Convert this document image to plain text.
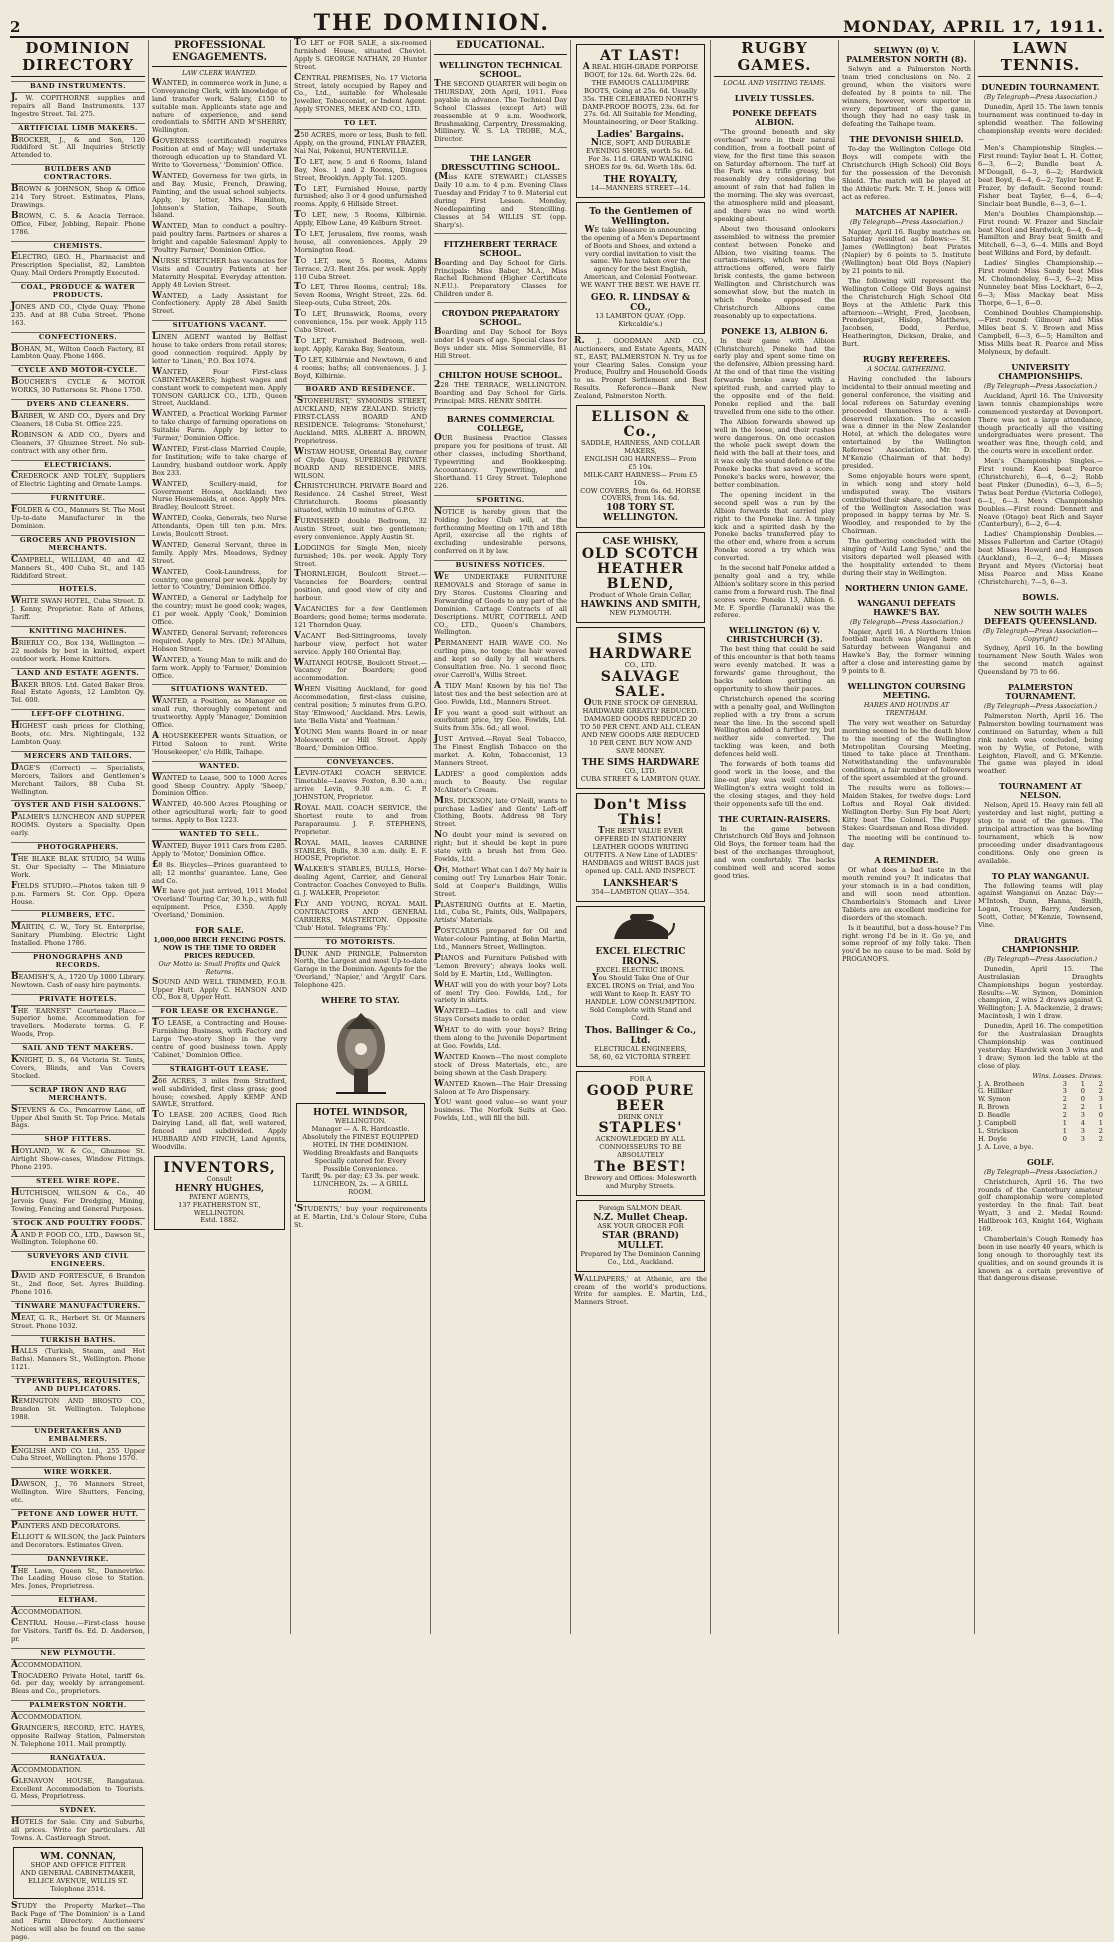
2	THE DOMINION.	MONDAY, APRIL 17, 1911.
DOMINION DIRECTORY
BAND INSTRUMENTS.
J. W. COPITHORNE supplies and repairs all Band Instruments. 137 Ingestre Street. Tel. 275.
ARTIFICIAL LIMB MAKERS.
BROCKER, J., & and Son, 120 Riddiford St. All Inquiries Strictly Attended to.
BUILDERS AND CONTRACTORS.
BROWN & JOHNSON, Shop & Office 214 Tory Street. Estimates, Plans, Drawings.
BROWN, C. S. & Acacia Terrace. Office, Fiber, Jobbing, Repair. Phone 1786.
CHEMISTS.
ELECTRO, GEO. H., Pharmacist and Prescription Specialist, 82, Lambton Quay. Mail Orders Promptly Executed.
COAL, PRODUCE & WATER PRODUCTS.
JONES AND CO., Clyde Quay. 'Phone 235. And at 88 Cuba Street. 'Phone 163.
CONFECTIONERS.
BOHAN, M., Wilton Coach Factory, 81 Lambton Quay. Phone 1466.
CYCLE AND MOTOR-CYCLE.
BOUCHER'S CYCLE & MOTOR WORKS, 30 Pattersons St. Phone 1750.
DYERS AND CLEANERS.
BARBER, W. AND CO., Dyers and Dry Cleaners, 18 Cuba St. Office 225.
ROBINSON & ADD CO., Dyers and Cleaners, 37 Ghuznee Street. No sub-contract with any other firm.
ELECTRICIANS.
CREDEROCK AND TOLEY, Suppliers of Electric Lighting and Ornate Lamps.
FURNITURE.
FOLDER & CO., Manners St. The Most Up-to-date Manufacturer in the Dominion.
GROCERS AND PROVISION MERCHANTS.
CAMPBELL, WILLIAM, 40 and 42 Manners St., 400 Cuba St., and 145 Riddiford Street.
HOTELS.
WHITE SWAN HOTEL, Cuba Street. D. J. Kenny, Proprietor. Rate of Athens, Tariff.
KNITTING MACHINES.
BRIERLY CO., Box 134, Wellington — 22 models by best in knitted, expert outdoor work. Home Knitters.
LAND AND ESTATE AGENTS.
BAKER BROS. Ltd. Gated Baker Bros. Real Estate Agents, 12 Lambton Qy. Tel. 600.
LEFT-OFF CLOTHING.
HIGHEST cash prices for Clothing, Boots, etc. Mrs. Nightingale, 132 Lambton Quay.
MERCERS AND TAILORS.
DAGE'S (Correct) — Specialists, Mercers, Tailors and Gentlemen's Merchant Tailors, 88 Cuba St. Wellington.
OYSTER AND FISH SALOONS.
PALMER'S LUNCHEON AND SUPPER ROOMS. Oysters a Specialty. Open early.
PHOTOGRAPHERS.
THE BLAKE BLAK STUDIO, 54 Willis St. Our Specialty — The Miniature Work.
FIELDS STUDIO.—Photos taken till 9 p.m. Farmers St. Cor. Opp. Opera House.
PLUMBERS, ETC.
MARTIN, C. W., Tory St. Enterprise, Sanitary Plumbing. Electric Light Installed. Phone 1786.
PHONOGRAPHS AND RECORDS.
BEAMISH'S, A., 1720 Up 1000 Library. Newtown. Cash of easy hire payments.
PRIVATE HOTELS.
THE 'EARNEST' Courtenay Place.— Superior home. Accommodation for travellers. Moderate terms. G. F. Woods, Prop.
SAIL AND TENT MAKERS.
KNIGHT, D. S., 64 Victoria St. Tents, Covers, Blinds, and Van Covers Stocked.
SCRAP IRON AND RAG MERCHANTS.
STEVENS & Co., Pencarrow Lane, off Upper Abel Smith St. Top Price. Metals Bags.
SHOP FITTERS.
HOYLAND, W. & Co., Ghuznee St. Airtight Show-cases, Window Fittings. Phone 2195.
STEEL WIRE ROPE.
HUTCHISON, WILSON & Co., 40 Jervois Quay. For Dredging, Mining, Towing, Fencing and General Purposes.
STOCK AND POULTRY FOODS.
A AND P. FOOD CO., LTD., Dawson St., Wellington. Telephone 60.
SURVEYORS AND CIVIL ENGINEERS.
DAVID AND FORTESCUE, 6 Brandon St., 2nd floor, Set. Ayres Building. Phone 1016.
TINWARE MANUFACTURERS.
MEAT, G. R., Herbert St. Of Manners Street. Phone 1032.
TURKISH BATHS.
HALLS (Turkish, Steam, and Hot Baths). Manners St., Wellington. Phone 1121.
TYPEWRITERS, REQUISITES, AND DUPLICATORS.
REMINGTON AND BROSTO CO., Brandon St. Wellington. Telephone 1988.
UNDERTAKERS AND EMBALMERS.
ENGLISH AND CO. Ltd., 255 Upper Cuba Street, Wellington. Phone 1570.
WIRE WORKER.
DAWSON, J., 76 Manners Street, Wellington. Wire Shutters, Fencing, etc.
PETONE AND LOWER HUTT.
PAINTERS AND DECORATORS.
ELLIOTT & WILSON, the Jack Painters and Decorators. Estimates Given.
DANNEVIRKE.
THE Lawn, Queen St., Dannevirke. The Leading House close to Station. Mrs. Jones, Proprietress.
ELTHAM.
ACCOMMODATION.
CENTRAL House.—First-class house for Visitors. Tariff 6s. Ed. D. Anderson, pr.
NEW PLYMOUTH.
ACCOMMODATION.
TROCADERO Private Hotel, tariff 6s. 6d. per day, weekly by arrangement. Bleas and Co., proprietors.
PALMERSTON NORTH.
ACCOMMODATION.
GRAINGER'S, RECORD, ETC. HAYES, opposite Railway Station, Palmerston N. Telephone 1011. Mail promptly.
RANGATAUA.
ACCOMMODATION.
GLENAVON HOUSE, Rangataua. Excellent Accommodation to Tourists. G. Mess, Proprietress.
SYDNEY.
HOTELS for Sale. City and Suburbs, all prices. Write for particulars. All Towns. A. Castlereagh Street.
WM. CONNAN,
SHOP AND OFFICE FITTER
AND GENERAL CABINETMAKER,
ELLICE AVENUE, WILLIS ST.
Telephone 2514.
STUDY the Property Market—The Back Page of 'The Dominion' is a Land and Farm Directory. Auctioneers' Notices will also be found on the same page.
PROFESSIONAL ENGAGEMENTS.
LAW CLERK WANTED.
WANTED, in commerce work in June, a Conveyancing Clerk, with knowledge of land transfer work. Salary, £150 to suitable man. Applicants state age and nature of experience, and send credentials to SMITH AND M'SHERRY, Wellington.
GOVERNESS (certificated) requires Position at end of May; will undertake thorough education up to Standard VI. Write to 'Governess,' 'Dominion' Office.
WANTED, Governess for two girls, in and Bay. Music, French, Drawing, Painting, and the usual school subjects. Apply, by letter, Mrs. Hamilton, Johnson's Station, Taihape, South Island.
WANTED, Man to conduct a poultry-paid poultry farm. Partners or shares a bright and capable Salesman! Apply to 'Poultry Farmer,' Dominion Office.
NURSE STRETCHER has vacancies for Visits and Country Patients at her Maternity Hospital. Everyday attention. Apply 48 Levien Street.
WANTED, a Lady Assistant for Confectionery. Apply 28 Abel Smith Street.
SITUATIONS VACANT.
LINEN AGENT wanted by Belfast house to take orders from retail stores; good connection required. Apply by letter to 'Linen,' P.O. Box 1074.
WANTED, Four First-class CABINETMAKERS; highest wages and constant work to competent men. Apply TONSON GARLICK CO., LTD., Queen Street, Auckland.
WANTED, a Practical Working Farmer to take charge of farming operations on Suitable Farm. Apply by letter to 'Farmer,' Dominion Office.
WANTED, First-class Married Couple, for Institution; wife to take charge of Laundry, husband outdoor work. Apply Box 233.
WANTED, Scullery-maid, for Government House, Auckland; two Nurse Housemaids, at once. Apply Mrs. Bradley, Boulcott Street.
WANTED, Cooks, Generals, two Nurse Attendants, Open till ten p.m. Mrs. Lewis, Boulcott Street.
WANTED, General Servant, three in family. Apply Mrs. Meadows, Sydney Street.
WANTED, Cook-Laundress, for country, one general per week. Apply by letter to 'Country,' Dominion Office.
WANTED, a General or Ladyhelp for the country; must be good cook; wages, £1 per week. Apply 'Cook,' Dominion Office.
WANTED, General Servant; references required. Apply to Mrs. (Dr.) M'Allum, Hobson Street.
WANTED, a Young Man to milk and do farm work. Apply to 'Farmer,' Dominion Office.
SITUATIONS WANTED.
WANTED, a Position, as Manager on small run, thoroughly competent and trustworthy. Apply 'Manager,' Dominion Office.
A HOUSEKEEPER wants Situation, or Fitted Saloon to rent. Write 'Housekeeper,' c/o Hdlk, Taihape.
WANTED.
WANTED to Lease, 500 to 1000 Acres good Sheep Country. Apply 'Sheep,' Dominion Office.
WANTED, 40-500 Acres Ploughing or other agricultural work; fair to good terms. Apply to Box 1223.
WANTED TO SELL.
WANTED, Buyer 1911 Cars from £285. Apply to 'Motor,' Dominion Office.
£8 8s. Bicycles—Prices guaranteed to all; 12 months' guarantee. Lane, Gee and Co.
WE have got just arrived, 1911 Model 'Overland' Touring Car, 30 h.p., with full equipment. Price, £350. Apply 'Overland,' Dominion.
FOR SALE.
1,000,000 BIRCH FENCING POSTS.
NOW IS THE TIME TO ORDER
PRICES REDUCED.
Our Motto is: Small Profits and Quick Returns.
SOUND AND WELL TRIMMED, F.O.B. Upper Hutt. Apply C. HANSON AND CO., Box 8, Upper Hutt.
FOR LEASE OR EXCHANGE.
TO LEASE, a Contracting and House-Furnishing Business, with Factory and Large Two-story Shop in the very centre of good business town. Apply 'Cabinet,' Dominion Office.
STRAIGHT-OUT LEASE.
266 ACRES, 3 miles from Stratford, well subdivided, first class grass; good house; cowshed. Apply KEMP AND SAWLE, Stratford.
TO LEASE. 200 ACRES, Good Rich Dairying Land, all flat, well watered, fenced and subdivided. Apply HUBBARD AND FINCH, Land Agents, Woodville.
INVENTORS,
Consult
HENRY HUGHES,
PATENT AGENTS,
137 FEATHERSTON ST., WELLINGTON.
Estd. 1882.
TO LET or FOR SALE, a six-roomed furnished House, situated Cheviot. Apply S. GEORGE NATHAN, 20 Hunter Street.
CENTRAL PREMISES, No. 17 Victoria Street, lately occupied by Rapey and Co., Ltd., suitable for Wholesale Jeweller, Tobacconist, or Indent Agent. Apply STONES, MEEK AND CO., LTD.
TO LET.
250 ACRES, more or less, Bush to fell. Apply, on the ground, FINLAY FRAZER, Nai Nai, Pokenui, HUNTERVILLE.
TO LET, new, 5 and 6 Rooms, Island Bay, Nos. 1 and 2 Rooms, Dingoes Street, Brooklyn. Apply Tel. 1205.
TO LET, Furnished House, partly furnished; also 3 or 4 good unfurnished rooms. Apply, 6 Hillside Street.
TO LET, new, 5 Rooms, Kilbirnie. Apply, Elbow Lane, 49 Kelburn Street.
TO LET, Jerusalem, five rooms, wash house, all conveniences. Apply 29 Mornington Road.
TO LET, new, 5 Rooms, Adams Terrace. 2/3. Rent 26s. per week. Apply 110 Cuba Street.
TO LET, Three Rooms, central; 18s. Seven Rooms, Wright Street, 22s. 6d. Sleep-outs, Cuba Street, 20s.
TO LET, Brunswick, Rooms, every convenience, 15s. per week. Apply 115 Cuba Street.
TO LET, Furnished Bedroom, well-kept. Apply, Karaka Bay, Seatoun.
TO LET, Kilbirnie and Newtown, 6 and 4 rooms; baths; all conveniences. J. J. Boyd, Kilbirnie.
BOARD AND RESIDENCE.
'STONEHURST,' SYMONDS STREET, AUCKLAND, NEW ZEALAND. Strictly FIRST-CLASS BOARD AND RESIDENCE. Telegrams: 'Stonehurst,' Auckland. MRS. ALBERT A. BROWN, Proprietress.
WISTAW HOUSE, Oriental Bay, corner of Clyde Quay. SUPERIOR PRIVATE BOARD AND RESIDENCE. MRS. WILSON.
CHRISTCHURCH. PRIVATE Board and Residence. 24 Cashel Street, West Christchurch. Rooms pleasantly situated, within 10 minutes of G.P.O.
FURNISHED double Bedroom, 32 Austin Street, suit two gentlemen; every convenience. Apply Austin St.
LODGINGS for Single Men, nicely furnished; 10s. per week. Apply Tory Street.
THORNLEIGH, Boulcott Street.—Vacancies for Boarders; central position, and good view of city and harbour.
VACANCIES for a few Gentlemen Boarders; good home; terms moderate. 121 Thorndon Quay.
VACANT Bed-Sittingrooms, lovely harbour view, perfect hot water service. Apply 160 Oriental Bay.
WAITANGI HOUSE, Boulcott Street.—Vacancy for Boarders; good accommodation.
WHEN Visiting Auckland, for good Accommodation, first-class cuisine, central position; 5 minutes from G.P.O. Stay 'Elmwood,' Auckland. Mrs. Lewis, late 'Bella Vista' and 'Yeatman.'
YOUNG Men wants Board in or near Molesworth or Hill Street. Apply 'Board,' Dominion Office.
CONVEYANCES.
LEVIN-OTAKI COACH SERVICE. Timetable—Leaves Foxton, 8.30 a.m.; arrive Levin, 9.30 a.m. C. P. JOHNSTON, Proprietor.
ROYAL MAIL COACH SERVICE, the Shortest route to and from Paraparaumu. J. F. STEPHENS, Proprietor.
ROYAL MAIL, leaves CARBINE STABLES, Bulls, 8.30 a.m. daily. E. F. HOOSE, Proprietor.
WALKER'S STABLES, BULLS, Horse-dealing Agent, Carrier, and General Contractor. Coaches Conveyed to Bulls. G. J. WALKER, Proprietor.
FLY AND YOUNG, ROYAL MAIL CONTRACTORS AND GENERAL CARRIERS, MASTERTON. Opposite 'Club' Hotel. Telegrams 'Fly.'
TO MOTORISTS.
DUNK AND PRINGLE, Palmerston North, the Largest and most Up-to-date Garage in the Dominion. Agents for the 'Overland,' 'Napier,' and 'Argyll' Cars. Telephone 425.
WHERE TO STAY.
HOTEL WINDSOR,
WELLINGTON.
Manager — A. R. Hardcastle.
Absolutely the FINEST EQUIPPED HOTEL IN THE DOMINION.
Wedding Breakfasts and Banquets Specially catered for. Every Possible Convenience.
Tariff, 9s. per day; £3 3s. per week.
LUNCHEON, 2s. — A GRILL ROOM.
'STUDENTS,' buy your requirements at E. Martin, Ltd.'s Colour Store, Cuba St.
EDUCATIONAL.
WELLINGTON TECHNICAL SCHOOL.
THE SECOND QUARTER will begin on THURSDAY, 20th April, 1911. Fees payable in advance. The Technical Day School Classes (except Art) will reassemble at 9 a.m. Woodwork, Brushmaking, Carpentry, Dressmaking, Millinery. W. S. LA TROBE, M.A., Director.
THE LANGER DRESSCUTTING SCHOOL.
(Miss KATE STEWART.) CLASSES Daily 10 a.m. to 4 p.m. Evening Class Tuesday and Friday 7 to 9. Material cut during First Lesson. Monday, Needlepainting and Stencilling. Classes at 54 WILLIS ST. (opp. Sharp's).
FITZHERBERT TERRACE SCHOOL.
Boarding and Day School for Girls. Principals: Miss Baber, M.A., Miss Rachel Richmond (Higher Certificate N.F.U.). Preparatory Classes for Children under 8.
CROYDON PREPARATORY SCHOOL.
Boarding and Day School for Boys under 14 years of age. Special class for Boys under six. Miss Sommerville, 81 Hill Street.
CHILTON HOUSE SCHOOL.
228 THE TERRACE, WELLINGTON. Boarding and Day School for Girls. Principal: MRS. HENRY SMITH.
BARNES COMMERCIAL COLLEGE,
OUR Business Practice Classes prepare you for positions of trust. All other classes, including Shorthand, Typewriting and Bookkeeping. Accountancy. Typewriting, and Shorthand. 11 Grey Street. Telephone 226.
SPORTING.
NOTICE is hereby given that the Polding Jockey Club will, at the forthcoming Meeting on 17th and 18th April, exercise all the rights of excluding undesirable persons, conferred on it by law.
BUSINESS NOTICES.
WE UNDERTAKE FURNITURE REMOVALS and Storage of same in Dry Stores. Customs Clearing and Forwarding of Goods to any part of the Dominion. Cartage Contracts of all Descriptions. MURT, COTTRELL AND CO., LTD., Queen's Chambers, Wellington.
PERMANENT HAIR WAVE CO. No curling pins, no tongs; the hair waved and kept so daily by all weathers. Consultation free. No. 1 second floor, over Carroll's, Willis Street.
A TIDY Man! Known by his tie! The latest ties and the best selection are at Geo. Fowlds, Ltd., Manners Street.
IF you want a good suit without an exorbitant price, try Geo. Fowlds, Ltd. Suits from 35s. 6d.; all wool.
JUST Arrived.—Royal Seal Tobacco, The Finest English Tobacco on the market. A. Kohn, Tobacconist, 13 Manners Street.
LADIES' a good complexion adds much to Beauty. Use regular McAlister's Cream.
MRS. DICKSON, late O'Neill, wants to purchase Ladies' and Gents' Left-off Clothing, Boots. Address 98 Tory Street.
NO doubt your mind is severed on right; but it should be kept in pure state with a brush hat from Geo. Fowlds, Ltd.
OH, Mother! What can I do? My hair is coming out! Try Lunarbos Hair Tonic. Sold at Cooper's Buildings, Willis Street.
PLASTERING Outfits at E. Martin, Ltd., Cuba St., Paints, Oils, Wallpapers, Artists' Materials.
POSTCARDS prepared for Oil and Water-colour Painting, at Bohn Martin, Ltd., Manners Street, Wellington.
PIANOS and Furniture Polished with 'Lemon Brevery'; always looks well. Sold by E. Martin, Ltd., Wellington.
WHAT will you do with your boy? Lots of men! Try Geo. Fowlds, Ltd., for variety in shirts.
WANTED—Ladies to call and view Stays Corsets made to order.
WHAT to do with your boys? Bring them along to the Juvenile Department at Geo. Fowlds, Ltd.
WANTED Known—The most complete stock of Dress Materials, etc., are being shown at the Cash Drapery.
WANTED Known—The Hair Dressing Saloon at Te Aro Dispensary.
YOU want good value—so want your business. The Norfolk Suits at Geo. Fowlds, Ltd., will fill the bill.
AT LAST!
A REAL HIGH-GRADE PORPOISE BOOT, for 12s. 6d. Worth 22s. 6d. THE FAMOUS CALLUMPIRE BOOTS, Going at 25s. 6d. Usually 35s. THE CELEBRATED NORTH'S DAMP-PROOF BOOTS, 23s. 6d. for 27s. 6d. All Suitable for Mending, Mountaineering, or Deer Stalking.
Ladies' Bargains.
NICE, SOFT, AND DURABLE EVENING SHOES, worth 5s. 6d. For 3s. 11d. GRAND WALKING SHOES for 9s. 6d. Worth 18s. 6d.
THE ROYALTY,
14—MANNERS STREET—14.
To the Gentlemen of Wellington.
WE take pleasure in announcing the opening of a Men's Department of Boots and Shoes, and extend a very cordial invitation to visit the same. We have taken over the agency for the best English, American, and Colonial Footwear. WE WANT THE BEST. WE HAVE IT.
GEO. R. LINDSAY & CO.,
13 LAMBTON QUAY. (Opp. Kirkcaldie's.)
R. J. GOODMAN AND CO., Auctioneers, and Estate Agents, MAIN ST., EAST, PALMERSTON N. Try us for your Clearing Sales. Consign your Produce, Poultry and Household Goods to us. Prompt Settlement and Best Results. Reference—Bank New Zealand, Palmerston North.
ELLISON & Co.,
SADDLE, HARNESS, AND COLLAR MAKERS,
ENGLISH GIG HARNESS— From £5 10s.
MILK-CART HARNESS— From £5 10s.
COW COVERS, from 6s. 6d. HORSE COVERS, from 14s. 6d.
108 TORY ST. WELLINGTON.
CASE WHISKY,
OLD SCOTCH
HEATHER BLEND,
Product of Whole Grain Cellar,
HAWKINS AND SMITH,
NEW PLYMOUTH.
SIMS HARDWARE
CO., LTD.
SALVAGE SALE.
OUR FINE STOCK OF GENERAL HARDWARE GREATLY REDUCED. DAMAGED GOODS REDUCED 20 TO 50 PER CENT. AND ALL CLEAN AND NEW GOODS ARE REDUCED 10 PER CENT. BUY NOW AND SAVE MONEY.
THE SIMS HARDWARE
CO., LTD.
CUBA STREET & LAMBTON QUAY.
Don't Miss This!
THE BEST VALUE EVER OFFERED IN STATIONERY LEATHER GOODS WRITING OUTFITS. A New Line of LADIES' HANDBAGS and WRIST BAGS just opened up. CALL AND INSPECT.
LANKSHEAR'S
354—LAMBTON QUAY—354.
EXCEL ELECTRIC IRONS.
EXCEL ELECTRIC IRONS.
You Should Take One of Our EXCEL IRONS on Trial, and You will Want to Keep It. EASY TO HANDLE. LOW CONSUMPTION. Sold Complete with Stand and Cord.
Thos. Ballinger & Co., Ltd.
ELECTRICAL ENGINEERS,
58, 60, 62 VICTORIA STREET.
FOR A
GOOD PURE BEER
DRINK ONLY
STAPLES'
ACKNOWLEDGED BY ALL CONNOISSEURS TO BE ABSOLUTELY
The BEST!
Brewery and Offices: Molesworth and Murphy Streets.
Foreign SALMON DEAR.
N.Z. Mullet Cheap.
ASK YOUR GROCER FOR
STAR (BRAND) MULLET.
Prepared by The Dominion Canning Co., Ltd., Auckland.
WALLPAPERS,' at Athenic, are the cream of the world's productions. Write for samples. E. Martin, Ltd., Manners Street.
RUGBY GAMES.
LOCAL AND VISITING TEAMS.
LIVELY TUSSLES.
PONEKE DEFEATS ALBION.
"The ground beneath and sky overhead" were in their natural condition, from a football point of view, for the first time this season on Saturday afternoon. The turf at the Park was a trifle greasy, but reasonably dry considering the amount of rain that had fallen in the morning. The sky was overcast, the atmosphere mild and pleasant, and there was no wind worth speaking about.
About two thousand onlookers assembled to witness the premier contest between Poneke and Albion, two visiting teams. The curtain-raisers, which were the attractions offered, were fairly brisk contests, the game between Wellington and Christchurch was somewhat slow, but the match in which Poneke opposed the Christchurch Albions came reasonably up to expectations.
PONEKE 13, ALBION 6.
In their game with Albion (Christchurch), Poneke had the early play and spent some time on the defensive, Albion pressing hard. At the end of that time the visiting forwards broke away with a spirited rush, and carried play to the opposite end of the field. Poneke replied and the ball travelled from one side to the other.
The Albion forwards showed up well in the loose, and their rushes were dangerous. On one occasion the whole pack swept down the field with the ball at their toes, and it was only the sound defence of the Poneke backs that saved a score. Poneke's backs were, however, the better combination.
The opening incident in the second spell was a run by the Albion forwards that carried play right to the Poneke line. A timely kick and a spirited dash by the Poneke backs transferred play to the other end, where from a scrum Poneke scored a try which was converted.
In the second half Poneke added a penalty goal and a try, while Albion's solitary score in this period came from a forward rush. The final scores were: Poneke 13, Albion 6. Mr. F. Spordle (Taranaki) was the referee.
WELLINGTON (6) V. CHRISTCHURCH (3).
The best thing that could be said of this encounter is that both teams were evenly matched. It was a forwards' game throughout, the backs seldom getting an opportunity to show their paces.
Christchurch opened the scoring with a penalty goal, and Wellington replied with a try from a scrum near the line. In the second spell Wellington added a further try, but neither side converted. The tackling was keen, and both defences held well.
The forwards of both teams did good work in the loose, and the line-out play was well contested. Wellington's extra weight told in the closing stages, and they held their opponents safe till the end.
THE CURTAIN-RAISERS.
In the game between Christchurch Old Boys and Johnson Old Boys, the former team had the best of the exchanges throughout, and won comfortably. The backs combined well and scored some good tries.
SELWYN (0) V. PALMERSTON NORTH (8).
Selwyn and a Palmerston North team tried conclusions on No. 2 ground, when the visitors were defeated by 8 points to nil. The winners, however, were superior in every department of the game, though they had no easy task in defeating the Taihape team.
THE DEVONISH SHIELD.
To-day the Wellington College Old Boys will compete with the Christchurch (High School) Old Boys for the possession of the Devonish Shield. The match will be played at the Athletic Park. Mr. T. H. Jones will act as referee.
MATCHES AT NAPIER.
(By Telegraph—Press Association.)
Napier, April 16. Rugby matches on Saturday resulted as follows:— St. James (Wellington) beat Pirates (Napier) by 6 points to 5. Institute (Wellington) beat Old Boys (Napier) by 21 points to nil.
The following will represent the Wellington College Old Boys against the Christchurch High School Old Boys at the Athletic Park this afternoon:—Wright, Fred, Jacobsen, Prendergast, Hislop, Matthews, Jacobsen, Dodd, Perdue, Heatherington, Dickson, Drake, and Burt.
RUGBY REFEREES.
A SOCIAL GATHERING.
Having concluded the labours incidental to their annual meeting and general conference, the visiting and local referees on Saturday evening proceeded themselves to a well-deserved relaxation. The occasion was a dinner in the New Zealander Hotel, at which the delegates were entertained by the Wellington Referees' Association. Mr. D. M'Kenzie (Chairman of that body) presided.
Some enjoyable hours were spent, in which song and story held undisputed sway. The visitors contributed their share, and the toast of the Wellington Association was proposed in happy terms by Mr. S. Woodley, and responded to by the Chairman.
The gathering concluded with the singing of 'Auld Lang Syne,' and the visitors departed well pleased with the hospitality extended to them during their stay in Wellington.
NORTHERN UNION GAME.
WANGANUI DEFEATS HAWKE'S BAY.
(By Telegraph—Press Association.)
Napier, April 16. A Northern Union football match was played here on Saturday between Wanganui and Hawke's Bay, the former winning after a close and interesting game by 9 points to 8.
WELLINGTON COURSING MEETING.
HARES AND HOUNDS AT TRENTHAM.
The very wet weather on Saturday morning seemed to be the death blow to the meeting of the Wellington Metropolitan Coursing Meeting, timed to take place at Trentham. Notwithstanding the unfavourable conditions, a fair number of followers of the sport assembled at the ground.
The results were as follows:— Maiden Stakes, for twelve dogs: Lord Loftus and Royal Oak divided. Wellington Derby: Sun Fly beat Alert; Kitty beat The Colonel. The Puppy Stakes: Guardsman and Rosa divided.
The meeting will be continued to-day.
A REMINDER.
Of what does a bad taste in the mouth remind you? It indicates that your stomach is in a bad condition, and will soon need attention. Chamberlain's Stomach and Liver Tablets are an excellent medicine for disorders of the stomach.
Is it beautiful, but a doss-house? I'm right wrong I'd be in it. Go ye, and some reproof of my folly take. Then you'd be no cause to be mad. Sold by PROGANOFS.
LAWN TENNIS.
DUNEDIN TOURNAMENT.
(By Telegraph—Press Association.)
Dunedin, April 15. The lawn tennis tournament was continued to-day in splendid weather. The following championship events were decided:—
Men's Championship Singles.—First round: Taylor beat L. H. Cotter, 6—3, 6—2; Bundle beat A. M'Dougall, 6—3, 6—2; Hardwick beat Boyd, 6—4, 6—2; Taylor beat E. Frazer, by default. Second round: Fisher beat Tayler, 6—4, 6—4; Sinclair beat Bundle, 6—3, 6—1.
Men's Doubles Championship.—First round: W. Frazer and Sinclair beat Nicol and Hardwick, 6—4, 6—4; Hamilton and Bray beat Smith and Mitchell, 6—3, 6—4. Mills and Boyd beat Wilkins and Ford, by default.
Ladies' Singles Championship.—First round: Miss Sandy beat Miss M. Cholmondeley, 6—3, 6—2; Miss Nunneley beat Miss Lockhart, 6—2, 6—3; Miss Mackay beat Miss Thorpe, 6—1, 6—0.
Combined Doubles Championship.—First round: Gilmour and Miss Miles beat S. V. Brown and Miss Campbell, 6—3, 6—5; Hamilton and Miss Mills beat R. Pearce and Miss Molyneux, by default.
UNIVERSITY CHAMPIONSHIPS.
(By Telegraph—Press Association.)
Auckland, April 16. The University lawn tennis championships were commenced yesterday at Devonport. There was not a large attendance, though practically all the visiting undergraduates were present. The weather was fine, though cold, and the courts were in excellent order.
Men's Championship Singles.—First round: Kaoi beat Pearce (Christchurch), 6—4, 6—2; Robb beat Pinker (Dunedin), 6—3, 6—5; Twiss beat Perdue (Victoria College), 6—1, 6—3. Men's Championship Doubles.—First round: Dennett and Neave (Otago) beat Rich and Sayer (Canterbury), 6—2, 6—4.
Ladies' Championship Doubles.—Misses Fullerton and Carter (Otago) beat Misses Howard and Hampson (Auckland), 6—2, 6—4; Misses Bryant and Myers (Victoria) beat Miss Pearce and Miss Keane (Christchurch), 7—5, 6—3.
BOWLS.
NEW SOUTH WALES DEFEATS QUEENSLAND.
(By Telegraph—Press Association—Copyright)
Sydney, April 16. In the bowling tournament New South Wales won the second match against Queensland by 75 to 66.
PALMERSTON TOURNAMENT.
(By Telegraph—Press Association.)
Palmerston North, April 16. The Palmerston bowling tournament was continued on Saturday, when a full rink match was concluded, being won by Wylie, of Petone, with Leighton, Flavell, and G. M'Kenzie. The game was played in ideal weather.
TOURNAMENT AT NELSON.
Nelson, April 15. Heavy rain fell all yesterday and last night, putting a stop to most of the games. The principal attraction was the bowling tournament, which is now proceeding under disadvantageous conditions. Only one green is available.
TO PLAY WANGANUI.
The following teams will play against Wanganui on Anzac Day:— M'Intosh, Dunn, Hanna, Smith, Logan, Tracey, Barry, Anderson, Scott, Cotter, M'Kenzie, Townsend, Vine.
DRAUGHTS CHAMPIONSHIP.
(By Telegraph—Press Association.)
Dunedin, April 15. The Australasian Draughts Championships began yesterday. Results:—W. Symon, Dominion champion, 2 wins 2 draws against G. Wellington; J. A. Mackenzie, 2 draws; Macintosh, 1 win 1 draw.
Dunedin, April 16. The competition for the Australasian Draughts Championship was continued yesterday. Hardwick won 3 wins and 1 draw; Symon led the table at the close of play.
Wins. Losses. Draws.
J. A. Brotheen	3	1	2
G. Hilliker	3	0	2
W. Symon	2	0	3
R. Brown	2	2	1
D. Beadle	2	3	0
J. Campbell	1	4	1
L. Strickson	1	3	2
H. Doyle	0	3	2
J. A. Love, a bye.
GOLF.
(By Telegraph—Press Association.)
Christchurch, April 16. The two rounds of the Canterbury amateur golf championship were completed yesterday. In the final: Tait beat Wyatt, 3 and 2. Medal Round: Hallbrook 163, Knight 164, Wigham 169.
Chamberlain's Cough Remedy has been in use nearly 40 years, which is long enough to thoroughly test its qualities, and on sound grounds it is known as a certain preventive of that dangerous disease.
